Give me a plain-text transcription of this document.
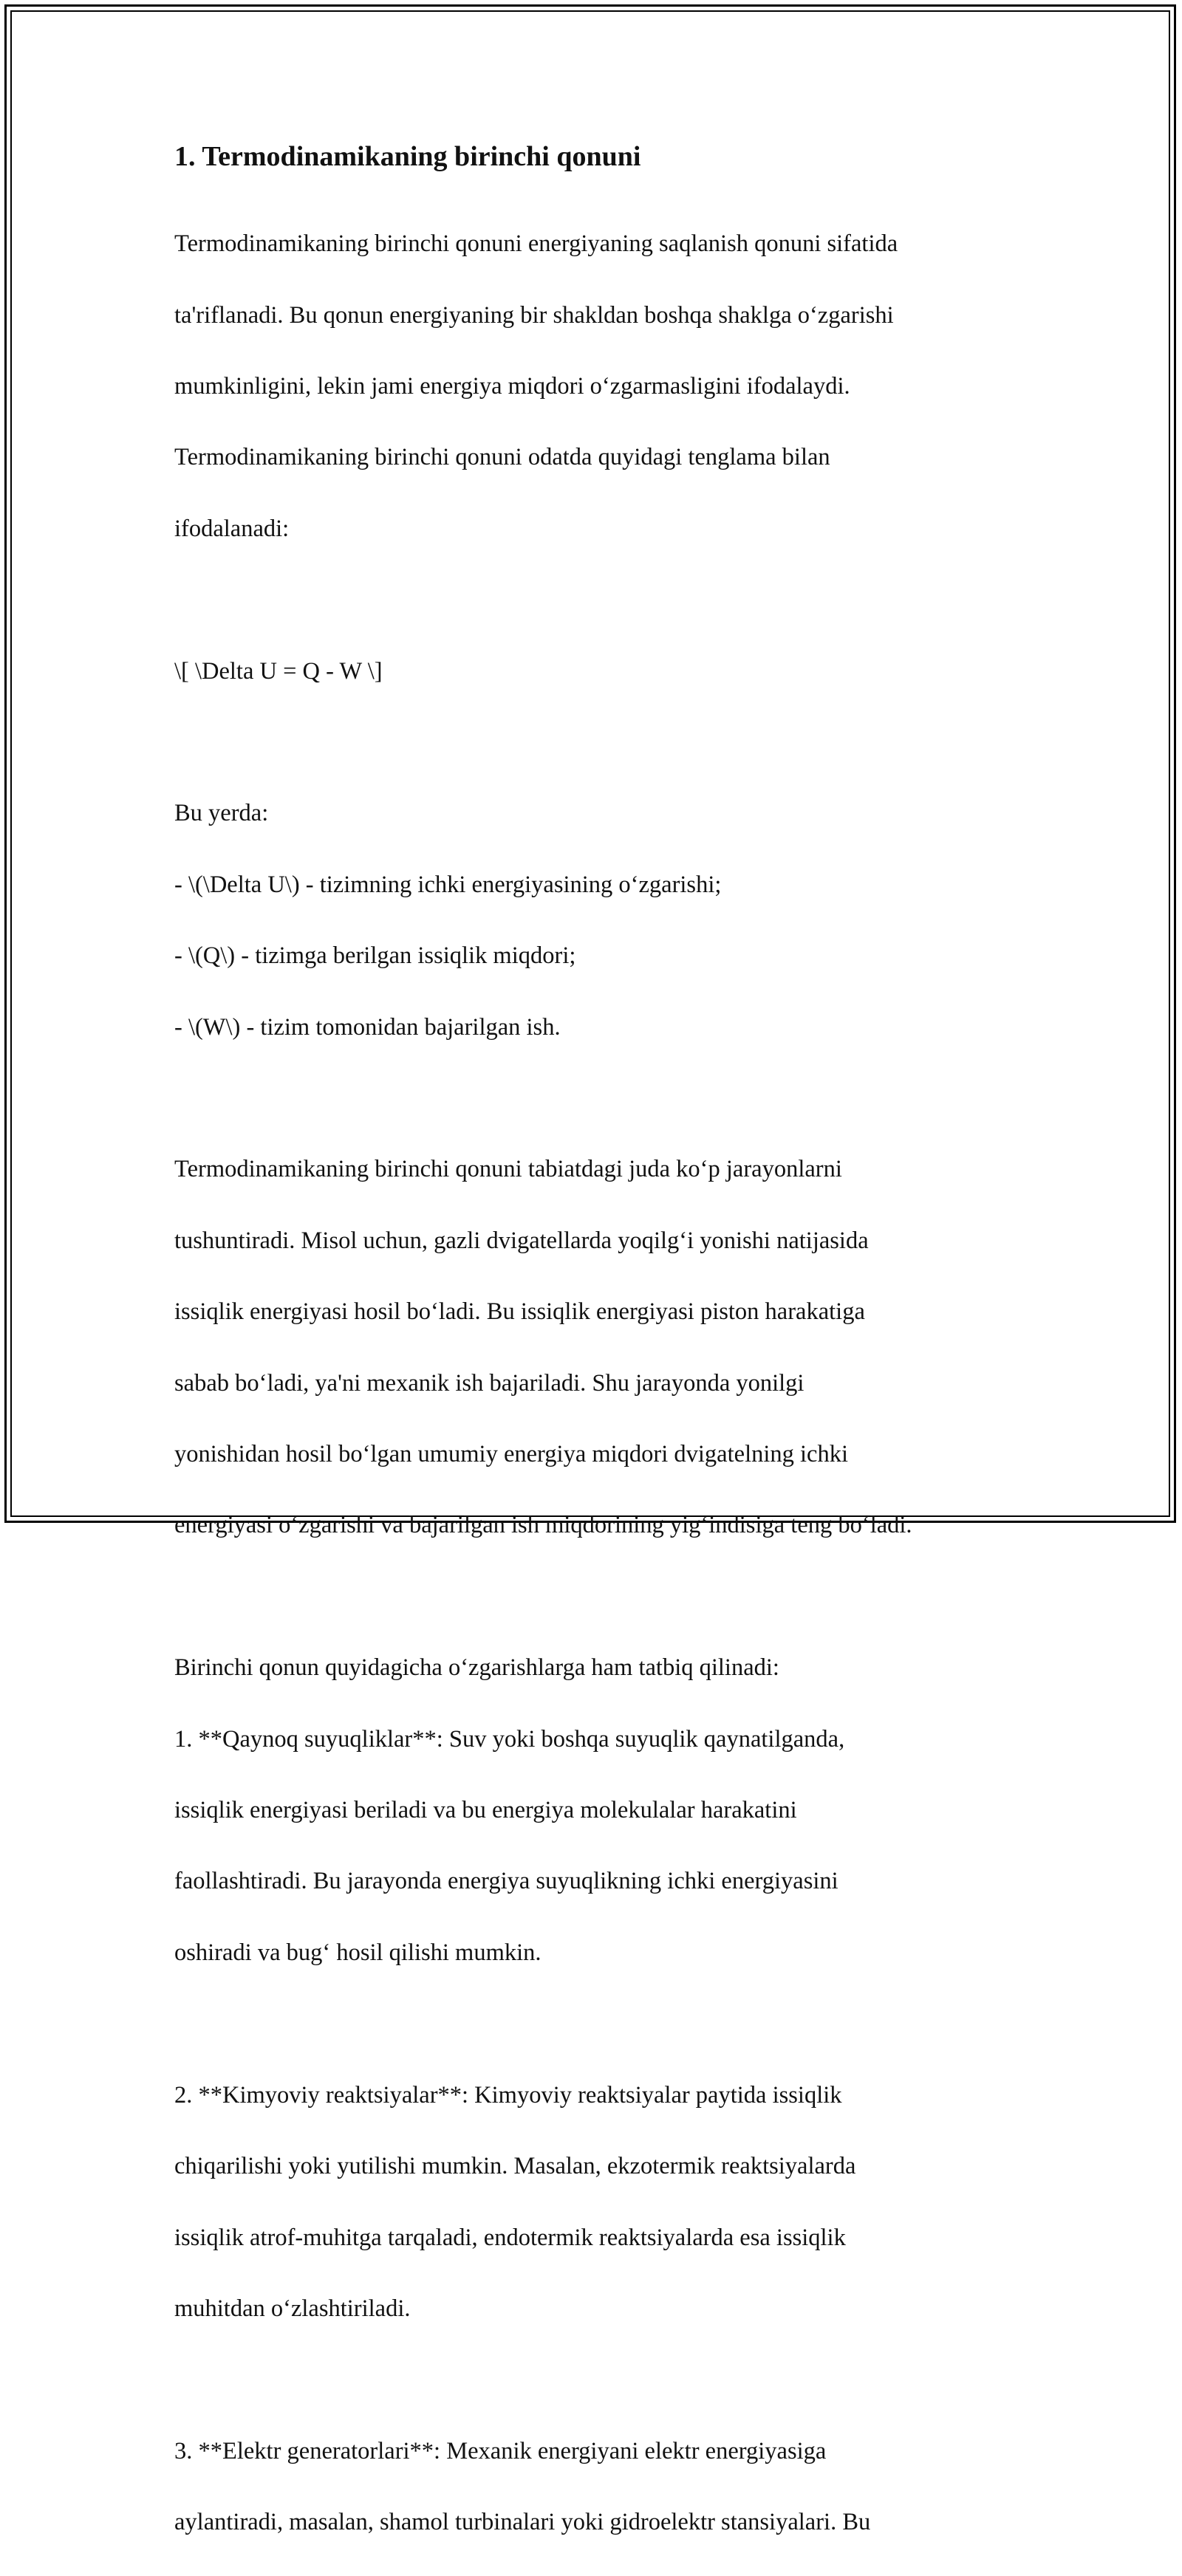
1. Termodinamikaning birinchi qonuni

Termodinamikaning birinchi qonuni energiyaning saqlanish qonuni sifatida

ta'riflanadi. Bu qonun energiyaning bir shakldan boshqa shaklga o‘zgarishi

mumkinligini, lekin jami energiya miqdori o‘zgarmasligini ifodalaydi.

Termodinamikaning birinchi qonuni odatda quyidagi tenglama bilan

ifodalanadi:

\[ \Delta U = Q - W \]

Bu yerda:

- \(\Delta U\) - tizimning ichki energiyasining o‘zgarishi;

- \(Q\) - tizimga berilgan issiqlik miqdori;

- \(W\) - tizim tomonidan bajarilgan ish.

Termodinamikaning birinchi qonuni tabiatdagi juda ko‘p jarayonlarni

tushuntiradi. Misol uchun, gazli dvigatellarda yoqilg‘i yonishi natijasida

issiqlik energiyasi hosil bo‘ladi. Bu issiqlik energiyasi piston harakatiga

sabab bo‘ladi, ya'ni mexanik ish bajariladi. Shu jarayonda yonilgi

yonishidan hosil bo‘lgan umumiy energiya miqdori dvigatelning ichki

energiyasi o‘zgarishi va bajarilgan ish miqdorining yig‘indisiga teng bo‘ladi.

Birinchi qonun quyidagicha o‘zgarishlarga ham tatbiq qilinadi:

1. **Qaynoq suyuqliklar**: Suv yoki boshqa suyuqlik qaynatilganda,

issiqlik energiyasi beriladi va bu energiya molekulalar harakatini

faollashtiradi. Bu jarayonda energiya suyuqlikning ichki energiyasini

oshiradi va bug‘ hosil qilishi mumkin.

2. **Kimyoviy reaktsiyalar**: Kimyoviy reaktsiyalar paytida issiqlik

chiqarilishi yoki yutilishi mumkin. Masalan, ekzotermik reaktsiyalarda

issiqlik atrof-muhitga tarqaladi, endotermik reaktsiyalarda esa issiqlik

muhitdan o‘zlashtiriladi.

3. **Elektr generatorlari**: Mexanik energiyani elektr energiyasiga

aylantiradi, masalan, shamol turbinalari yoki gidroelektr stansiyalari. Bu
